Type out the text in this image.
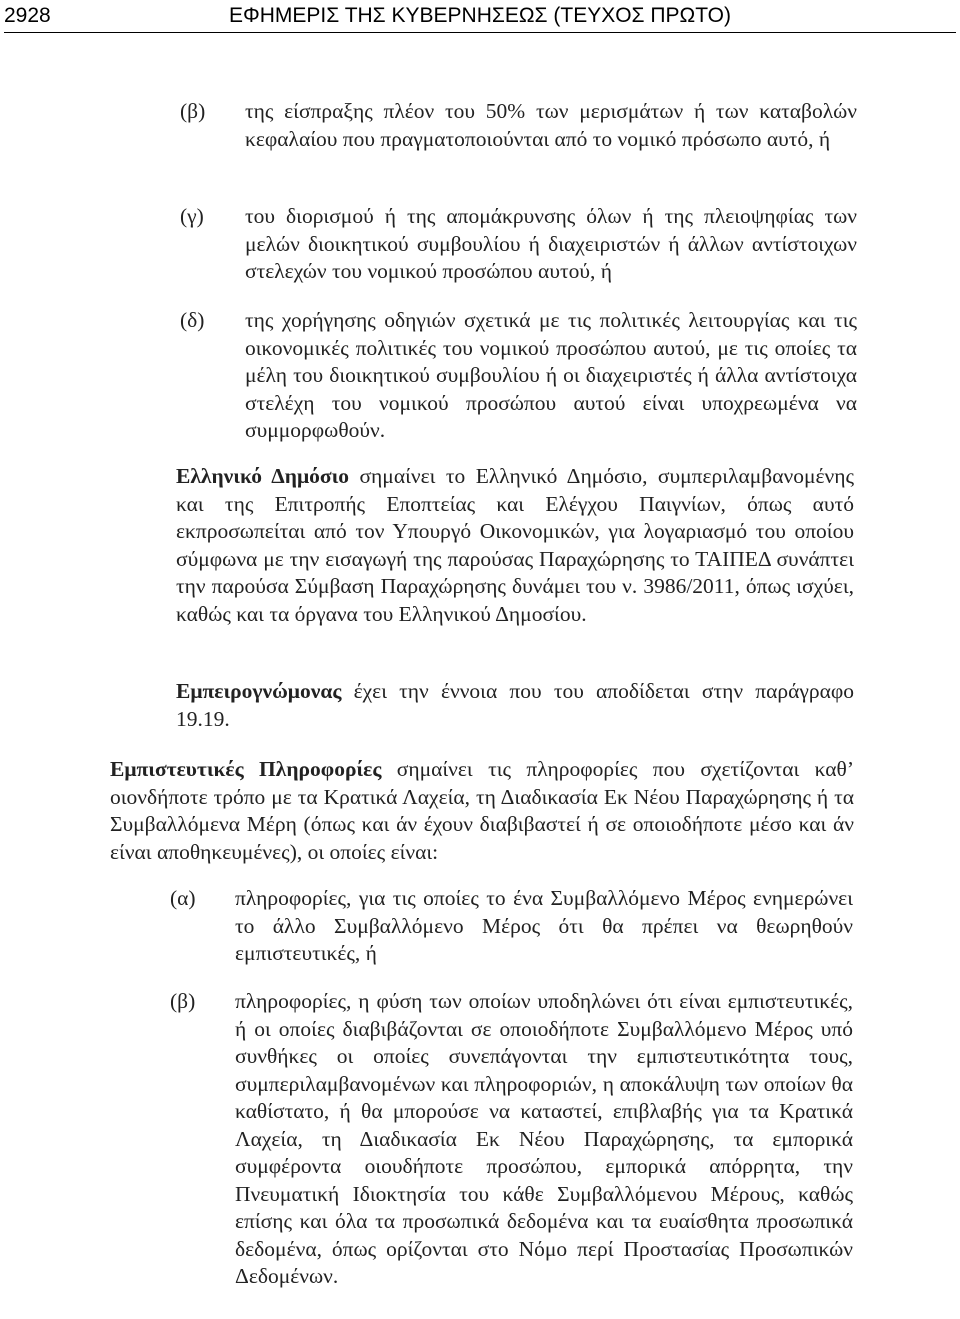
2928	ΕΦΗΜΕΡΙΣ ΤΗΣ ΚΥΒΕΡΝΗΣΕΩΣ (ΤΕΥΧΟΣ ΠΡΩΤΟ)
(β) της είσπραξης πλέον του 50% των μερισμάτων ή των καταβολών κεφαλαίου που πραγματοποιούνται από το νομικό πρόσωπο αυτό, ή
(γ) του διορισμού ή της απομάκρυνσης όλων ή της πλειοψηφίας των μελών διοικητικού συμβουλίου ή διαχειριστών ή άλλων αντίστοιχων στελεχών του νομικού προσώπου αυτού, ή
(δ) της χορήγησης οδηγιών σχετικά με τις πολιτικές λειτουργίας και τις οικονομικές πολιτικές του νομικού προσώπου αυτού, με τις οποίες τα μέλη του διοικητικού συμβουλίου ή οι διαχειριστές ή άλλα αντίστοιχα στελέχη του νομικού προσώπου αυτού είναι υποχρεωμένα να συμμορφωθούν.
Ελληνικό Δημόσιο σημαίνει το Ελληνικό Δημόσιο, συμπεριλαμβανομένης και της Επιτροπής Εποπτείας και Ελέγχου Παιγνίων, όπως αυτό εκπροσωπείται από τον Υπουργό Οικονομικών, για λογαριασμό του οποίου σύμφωνα με την εισαγωγή της παρούσας Παραχώρησης το ΤΑΙΠΕΔ συνάπτει την παρούσα Σύμβαση Παραχώρησης δυνάμει του ν. 3986/2011, όπως ισχύει, καθώς και τα όργανα του Ελληνικού Δημοσίου.
Εμπειρογνώμονας έχει την έννοια που του αποδίδεται στην παράγραφο 19.19.
Εμπιστευτικές Πληροφορίες σημαίνει τις πληροφορίες που σχετίζονται καθ’ οιονδήποτε τρόπο με τα Κρατικά Λαχεία, τη Διαδικασία Εκ Νέου Παραχώρησης ή τα Συμβαλλόμενα Μέρη (όπως και άν έχουν διαβιβαστεί ή σε οποιοδήποτε μέσο και άν είναι αποθηκευμένες), οι οποίες είναι:
(α) πληροφορίες, για τις οποίες το ένα Συμβαλλόμενο Μέρος ενημερώνει το άλλο Συμβαλλόμενο Μέρος ότι θα πρέπει να θεωρηθούν εμπιστευτικές, ή
(β) πληροφορίες, η φύση των οποίων υποδηλώνει ότι είναι εμπιστευτικές, ή οι οποίες διαβιβάζονται σε οποιοδήποτε Συμβαλλόμενο Μέρος υπό συνθήκες οι οποίες συνεπάγονται την εμπιστευτικότητα τους, συμπεριλαμβανομένων και πληροφοριών, η αποκάλυψη των οποίων θα καθίστατο, ή θα μπορούσε να καταστεί, επιβλαβής για τα Κρατικά Λαχεία, τη Διαδικασία Εκ Νέου Παραχώρησης, τα εμπορικά συμφέροντα οιουδήποτε προσώπου, εμπορικά απόρρητα, την Πνευματική Ιδιοκτησία του κάθε Συμβαλλόμενου Μέρους, καθώς επίσης και όλα τα προσωπικά δεδομένα και τα ευαίσθητα προσωπικά δεδομένα, όπως ορίζονται στο Νόμο περί Προστασίας Προσωπικών Δεδομένων.
